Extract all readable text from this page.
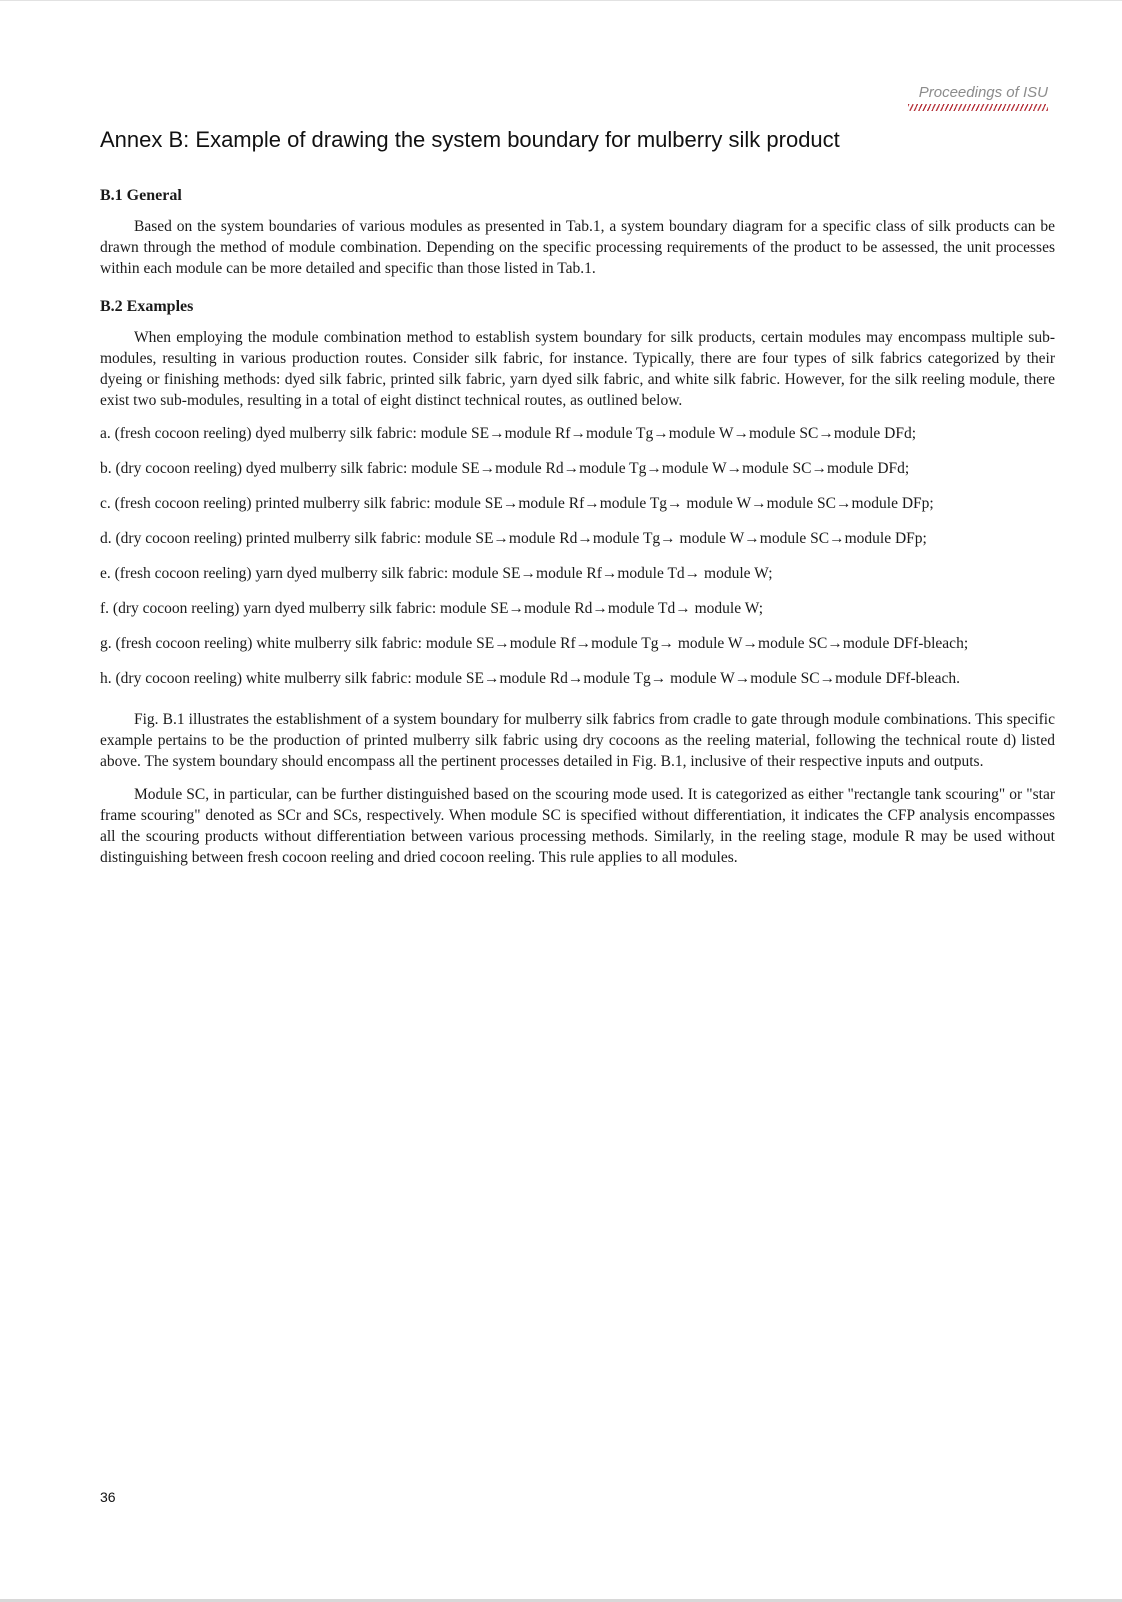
Proceedings of ISU
Annex B: Example of drawing the system boundary for mulberry silk product
B.1 General

Based on the system boundaries of various modules as presented in Tab.1, a system boundary diagram for a specific class of silk products can be drawn through the method of module combination. Depending on the specific processing requirements of the product to be assessed, the unit processes within each module can be more detailed and specific than those listed in Tab.1.

B.2 Examples

When employing the module combination method to establish system boundary for silk products, certain modules may encompass multiple sub-modules, resulting in various production routes. Consider silk fabric, for instance. Typically, there are four types of silk fabrics categorized by their dyeing or finishing methods: dyed silk fabric, printed silk fabric, yarn dyed silk fabric, and white silk fabric. However, for the silk reeling module, there exist two sub-modules, resulting in a total of eight distinct technical routes, as outlined below.

a. (fresh cocoon reeling) dyed mulberry silk fabric: module SE→module Rf→module Tg→module W→module SC→module DFd;

b. (dry cocoon reeling) dyed mulberry silk fabric: module SE→module Rd→module Tg→module W→module SC→module DFd;

c. (fresh cocoon reeling) printed mulberry silk fabric: module SE→module Rf→module Tg→ module W→module SC→module DFp;

d. (dry cocoon reeling) printed mulberry silk fabric: module SE→module Rd→module Tg→ module W→module SC→module DFp;

e. (fresh cocoon reeling) yarn dyed mulberry silk fabric: module SE→module Rf→module Td→ module W;

f. (dry cocoon reeling) yarn dyed mulberry silk fabric: module SE→module Rd→module Td→ module W;

g. (fresh cocoon reeling) white mulberry silk fabric: module SE→module Rf→module Tg→ module W→module SC→module DFf-bleach;

h. (dry cocoon reeling) white mulberry silk fabric: module SE→module Rd→module Tg→ module W→module SC→module DFf-bleach.

Fig. B.1 illustrates the establishment of a system boundary for mulberry silk fabrics from cradle to gate through module combinations. This specific example pertains to be the production of printed mulberry silk fabric using dry cocoons as the reeling material, following the technical route d) listed above. The system boundary should encompass all the pertinent processes detailed in Fig. B.1, inclusive of their respective inputs and outputs.

Module SC, in particular, can be further distinguished based on the scouring mode used. It is categorized as either "rectangle tank scouring" or "star frame scouring" denoted as SCr and SCs, respectively. When module SC is specified without differentiation, it indicates the CFP analysis encompasses all the scouring products without differentiation between various processing methods. Similarly, in the reeling stage, module R may be used without distinguishing between fresh cocoon reeling and dried cocoon reeling. This rule applies to all modules.

36
